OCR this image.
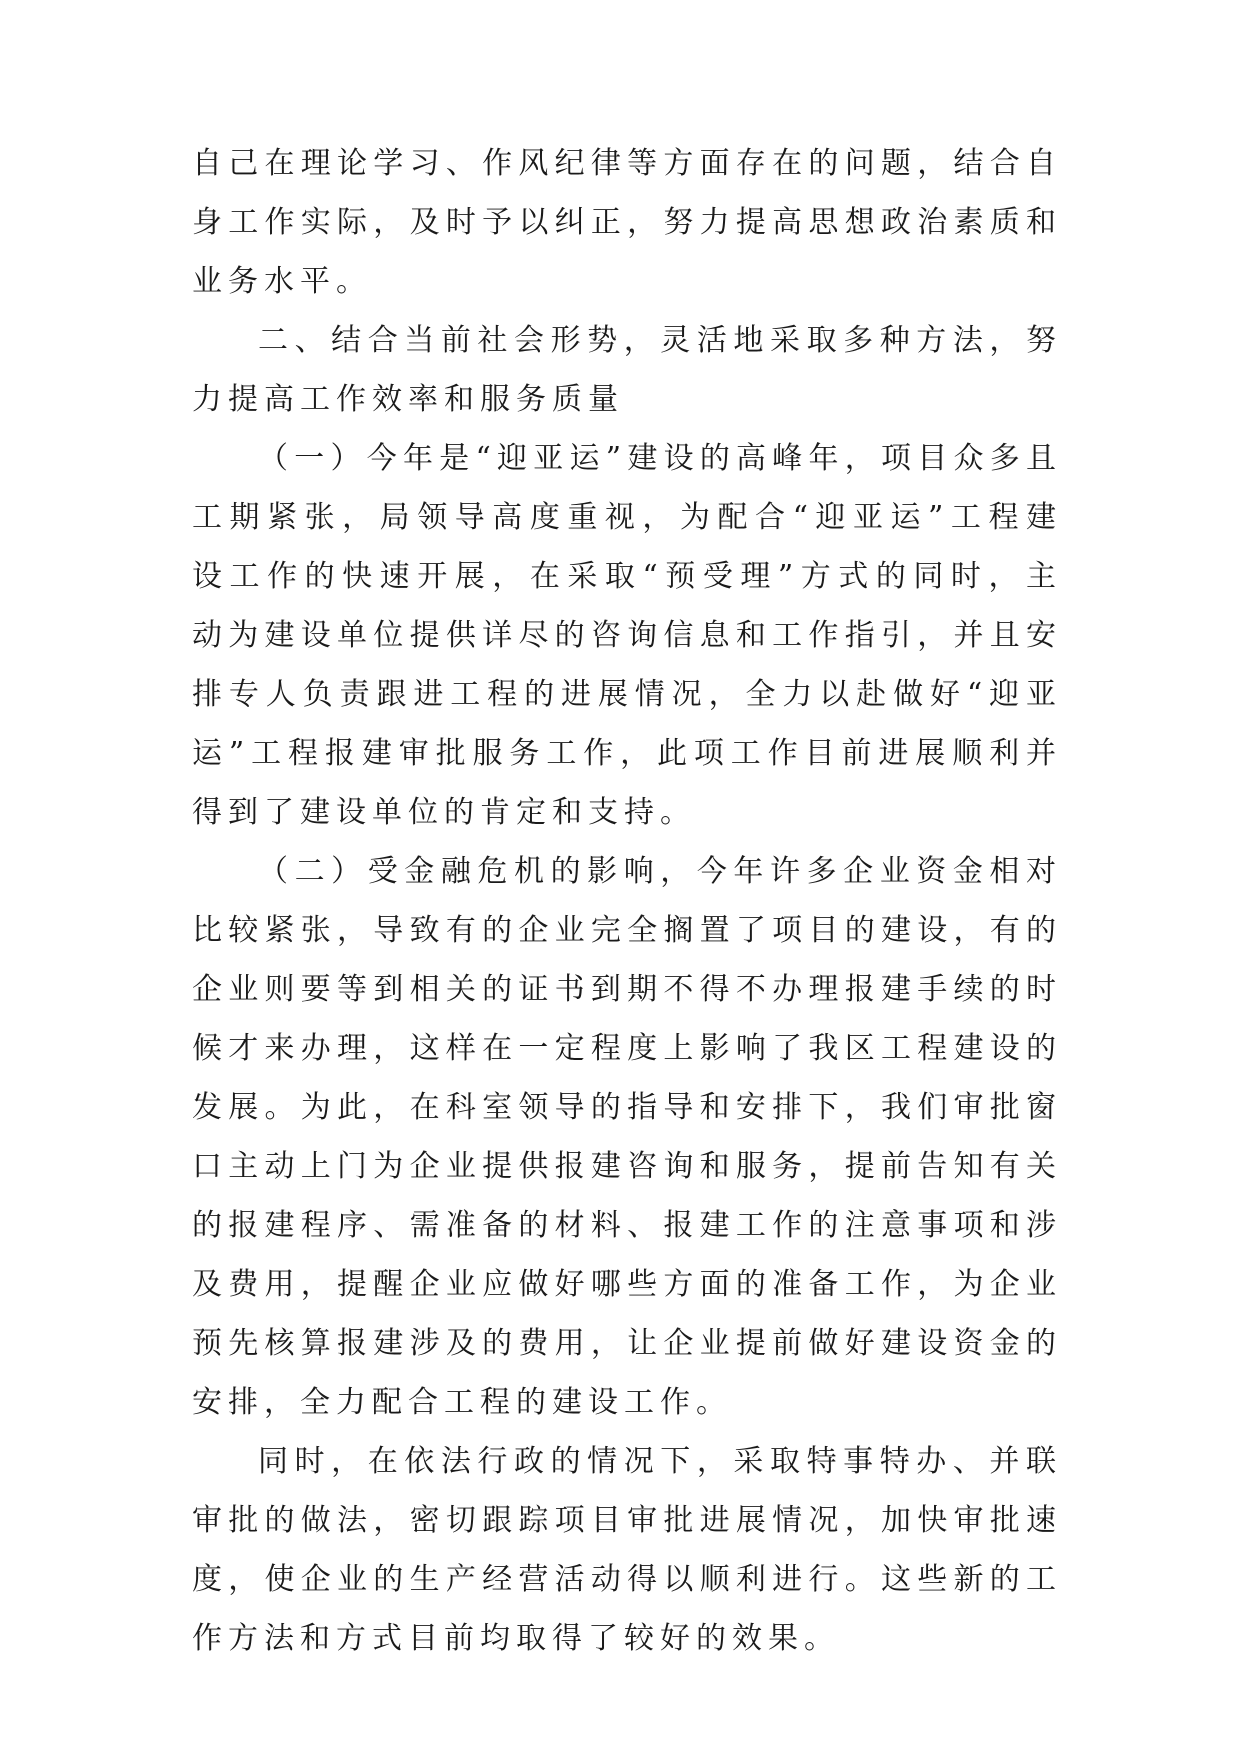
自己在理论学习、作风纪律等方面存在的问题，结合自身工作实际，及时予以纠正，努力提高思想政治素质和业务水平。

二、结合当前社会形势，灵活地采取多种方法，努力提高工作效率和服务质量

（一）今年是“迎亚运”建设的高峰年，项目众多且工期紧张，局领导高度重视，为配合“迎亚运”工程建设工作的快速开展，在采取“预受理”方式的同时，主动为建设单位提供详尽的咨询信息和工作指引，并且安排专人负责跟进工程的进展情况，全力以赴做好“迎亚运”工程报建审批服务工作，此项工作目前进展顺利并得到了建设单位的肯定和支持。

（二）受金融危机的影响，今年许多企业资金相对比较紧张，导致有的企业完全搁置了项目的建设，有的企业则要等到相关的证书到期不得不办理报建手续的时候才来办理，这样在一定程度上影响了我区工程建设的发展。为此，在科室领导的指导和安排下，我们审批窗口主动上门为企业提供报建咨询和服务，提前告知有关的报建程序、需准备的材料、报建工作的注意事项和涉及费用，提醒企业应做好哪些方面的准备工作，为企业预先核算报建涉及的费用，让企业提前做好建设资金的安排，全力配合工程的建设工作。

同时，在依法行政的情况下，采取特事特办、并联审批的做法，密切跟踪项目审批进展情况，加快审批速度，使企业的生产经营活动得以顺利进行。这些新的工作方法和方式目前均取得了较好的效果。
